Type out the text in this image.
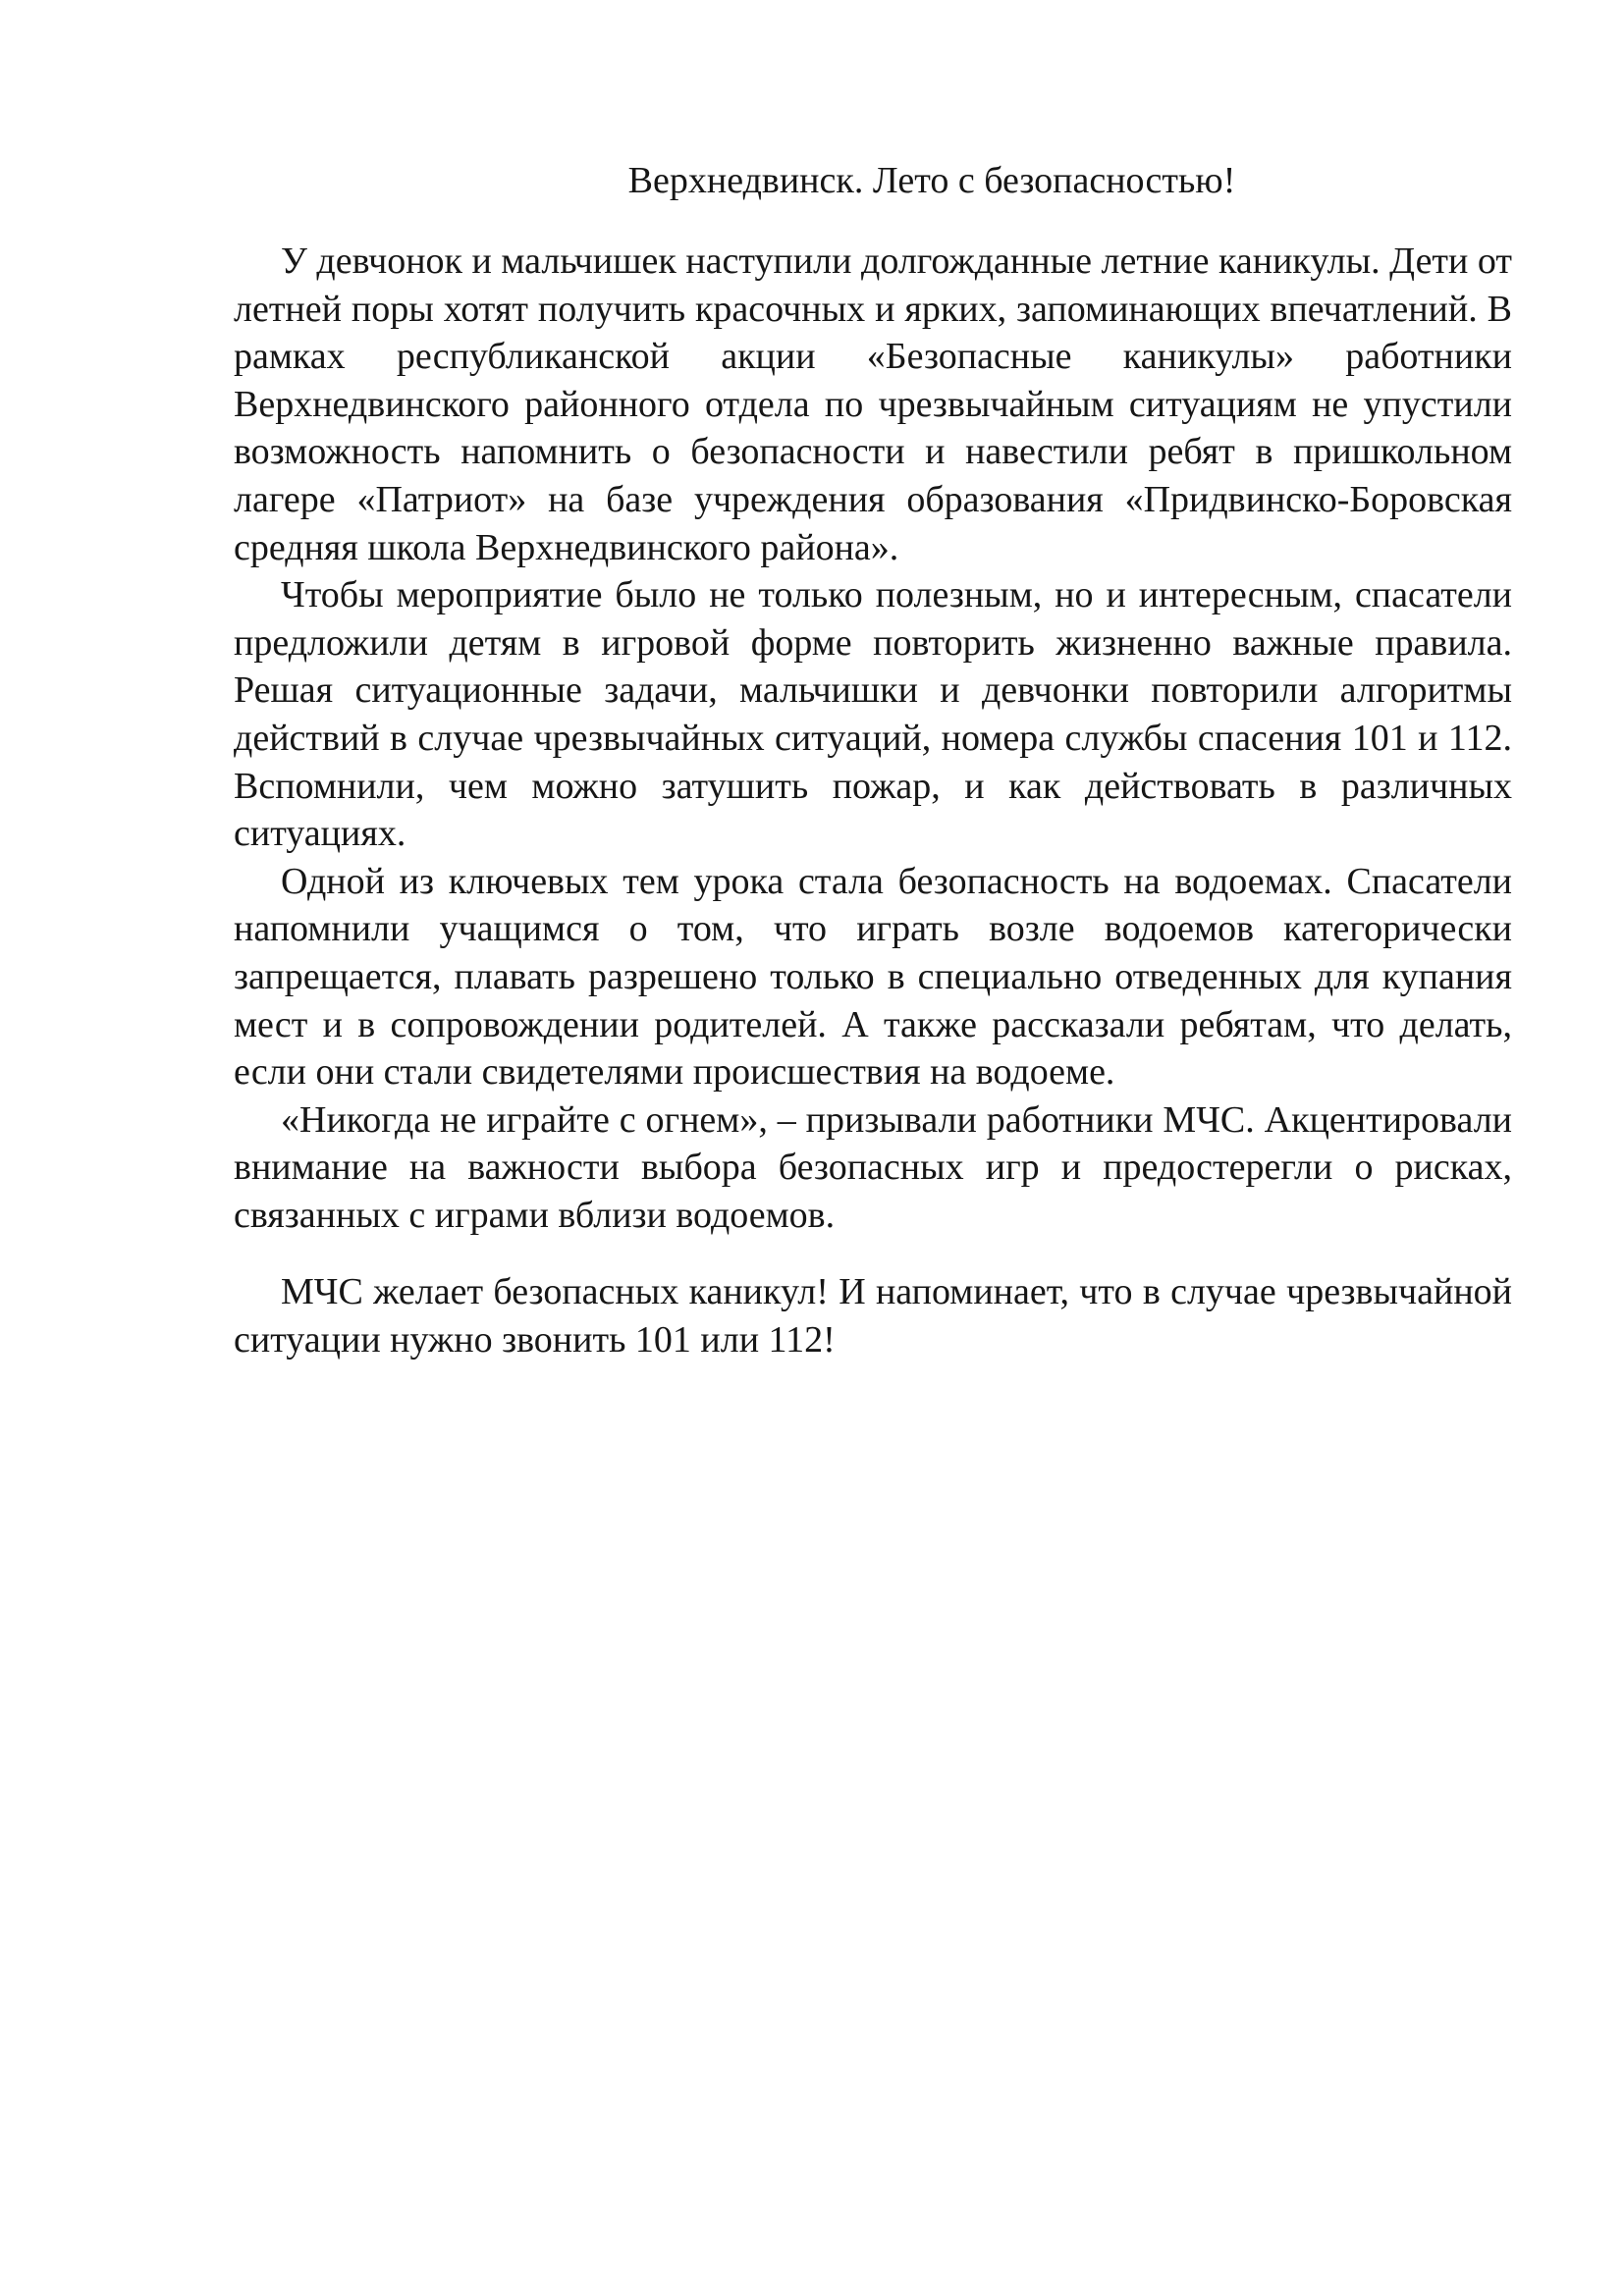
Верхнедвинск. Лето с безопасностью!

У девчонок и мальчишек наступили долгожданные летние каникулы. Дети от летней поры хотят получить красочных и ярких, запоминающих впечатлений. В рамках республиканской акции «Безопасные каникулы» работники Верхнедвинского районного отдела по чрезвычайным ситуациям не упустили возможность напомнить о безопасности и навестили ребят в пришкольном лагере «Патриот» на базе учреждения образования «Придвинско-Боровская средняя школа Верхнедвинского района».

Чтобы мероприятие было не только полезным, но и интересным, спасатели предложили детям в игровой форме повторить жизненно важные правила. Решая ситуационные задачи, мальчишки и девчонки повторили алгоритмы действий в случае чрезвычайных ситуаций, номера службы спасения 101 и 112. Вспомнили, чем можно затушить пожар, и как действовать в различных ситуациях.

Одной из ключевых тем урока стала безопасность на водоемах. Спасатели напомнили учащимся о том, что играть возле водоемов категорически запрещается, плавать разрешено только в специально отведенных для купания мест и в сопровождении родителей. А также рассказали ребятам, что делать, если они стали свидетелями происшествия на водоеме.

«Никогда не играйте с огнем», – призывали работники МЧС. Акцентировали внимание на важности выбора безопасных игр и предостерегли о рисках, связанных с играми вблизи водоемов.

МЧС желает безопасных каникул! И напоминает, что в случае чрезвычайной ситуации нужно звонить 101 или 112!
